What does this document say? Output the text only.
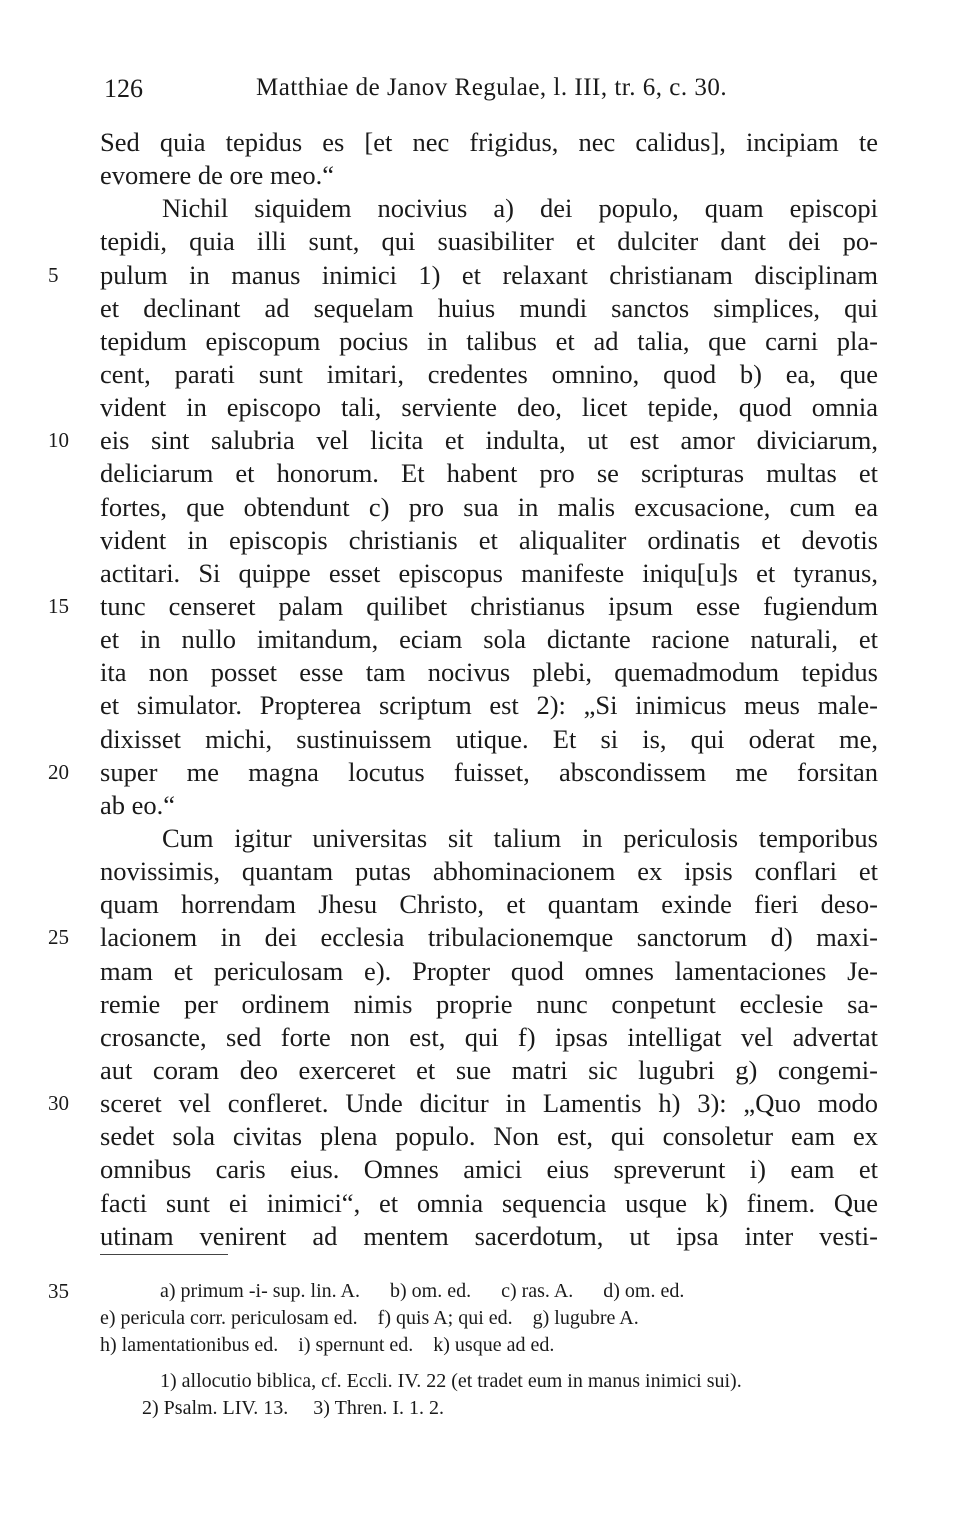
126	Matthiae de Janov Regulae, l. III, tr. 6, c. 30.
Sed quia tepidus es [et nec frigidus, nec calidus], incipiam te
evomere de ore meo.“
Nichil siquidem nocivius a) dei populo, quam episcopi
tepidi, quia illi sunt, qui suasibiliter et dulciter dant dei po-
5	pulum in manus inimici 1) et relaxant christianam disciplinam
et declinant ad sequelam huius mundi sanctos simplices, qui
tepidum episcopum pocius in talibus et ad talia, que carni pla-
cent, parati sunt imitari, credentes omnino, quod b) ea, que
vident in episcopo tali, serviente deo, licet tepide, quod omnia
10	eis sint salubria vel licita et indulta, ut est amor diviciarum,
deliciarum et honorum. Et habent pro se scripturas multas et
fortes, que obtendunt c) pro sua in malis excusacione, cum ea
vident in episcopis christianis et aliqualiter ordinatis et devotis
actitari. Si quippe esset episcopus manifeste iniqu[u]s et tyranus,
15	tunc censeret palam quilibet christianus ipsum esse fugiendum
et in nullo imitandum, eciam sola dictante racione naturali, et
ita non posset esse tam nocivus plebi, quemadmodum tepidus
et simulator. Propterea scriptum est 2): „Si inimicus meus male-
dixisset michi, sustinuissem utique. Et si is, qui oderat me,
20	super me magna locutus fuisset, abscondissem me forsitan
ab eo.“
Cum igitur universitas sit talium in periculosis temporibus
novissimis, quantam putas abhominacionem ex ipsis conflari et
quam horrendam Jhesu Christo, et quantam exinde fieri deso-
25	lacionem in dei ecclesia tribulacionemque sanctorum d) maxi-
mam et periculosam e). Propter quod omnes lamentaciones Je-
remie per ordinem nimis proprie nunc conpetunt ecclesie sa-
crosancte, sed forte non est, qui f) ipsas intelligat vel advertat
aut coram deo exerceret et sue matri sic lugubri g) congemi-
30	sceret vel confleret. Unde dicitur in Lamentis h) 3): „Quo modo
sedet sola civitas plena populo. Non est, qui consoletur eam ex
omnibus caris eius. Omnes amici eius spreverunt i) eam et
facti sunt ei inimici“, et omnia sequencia usque k) finem. Que
utinam venirent ad mentem sacerdotum, ut ipsa inter vesti-
35	a) primum -i- sup. lin. A.      b) om. ed.      c) ras. A.      d) om. ed.
e) pericula corr. periculosam ed.    f) quis A; qui ed.    g) lugubre A.
h) lamentationibus ed.    i) spernunt ed.    k) usque ad ed.
1) allocutio biblica, cf. Eccli. IV. 22 (et tradet eum in manus inimici sui).
2) Psalm. LIV. 13.     3) Thren. I. 1. 2.
